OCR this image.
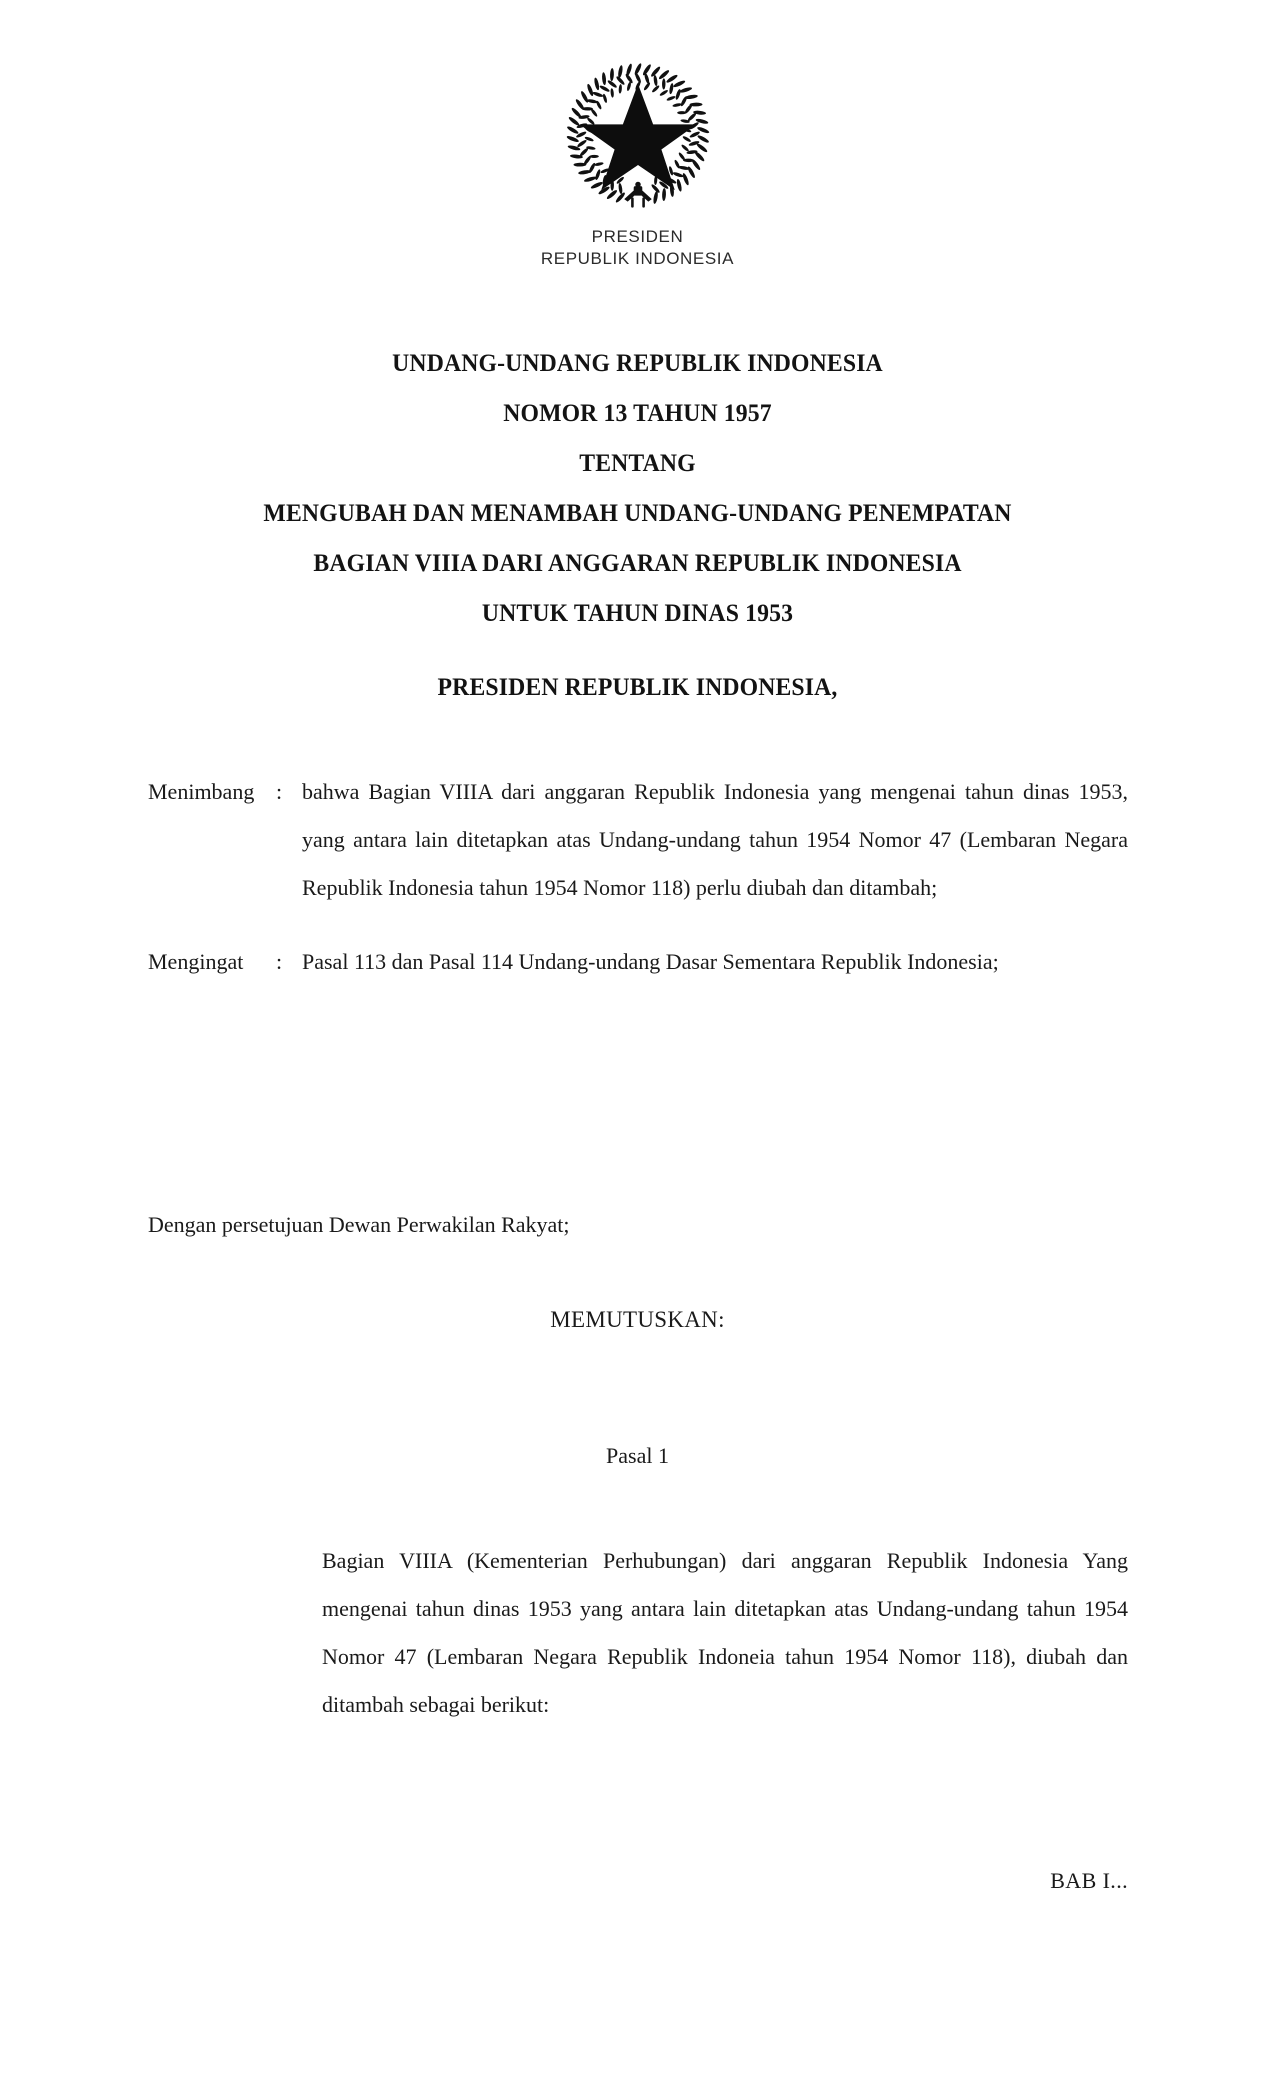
PRESIDEN
REPUBLIK INDONESIA
UNDANG-UNDANG REPUBLIK INDONESIA
NOMOR 13 TAHUN 1957
TENTANG
MENGUBAH DAN MENAMBAH UNDANG-UNDANG PENEMPATAN
BAGIAN VIIIA DARI ANGGARAN REPUBLIK INDONESIA
UNTUK TAHUN DINAS 1953
PRESIDEN REPUBLIK INDONESIA,
Menimbang : bahwa Bagian VIIIA dari anggaran Republik Indonesia yang mengenai tahun dinas 1953, yang antara lain ditetapkan atas Undang-undang tahun 1954 Nomor 47 (Lembaran Negara Republik Indonesia tahun 1954 Nomor 118) perlu diubah dan ditambah;
Mengingat	: Pasal 113 dan Pasal 114 Undang-undang Dasar Sementara Republik Indonesia;
Dengan persetujuan Dewan Perwakilan Rakyat;
MEMUTUSKAN:
Pasal 1
Bagian VIIIA (Kementerian Perhubungan) dari anggaran Republik Indonesia Yang mengenai tahun dinas 1953 yang antara lain ditetapkan atas Undang-undang tahun 1954 Nomor 47 (Lembaran Negara Republik Indoneia tahun 1954 Nomor 118), diubah dan ditambah sebagai berikut:
BAB I...
